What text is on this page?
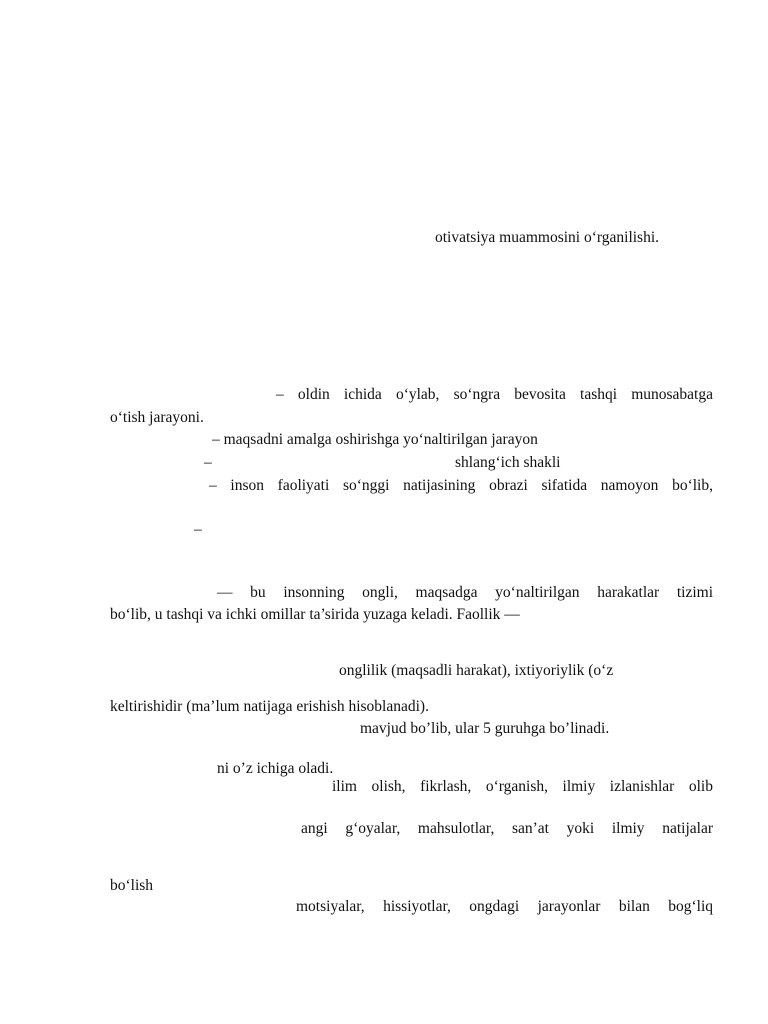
otivatsiya muammosini o‘rganilishi.
– oldin ichida o‘ylab, so‘ngra bevosita tashqi munosabatga
o‘tish jarayoni.
– maqsadni amalga oshirishga yo‘naltirilgan jarayon
–	shlang‘ich shakli
– inson faoliyati so‘nggi natijasining obrazi sifatida namoyon bo‘lib,
–
— bu insonning ongli, maqsadga yo‘naltirilgan harakatlar tizimi
bo‘lib, u tashqi va ichki omillar ta’sirida yuzaga keladi. Faollik —
onglilik (maqsadli harakat), ixtiyoriylik (o‘z
keltirishidir (ma’lum natijaga erishish hisoblanadi).
mavjud bo’lib, ular 5 guruhga bo’linadi.
ni o’z ichiga oladi.
ilim olish, fikrlash, o‘rganish, ilmiy izlanishlar olib
angi g‘oyalar, mahsulotlar, san’at yoki ilmiy natijalar
bo‘lish
motsiyalar, hissiyotlar, ongdagi jarayonlar bilan bog‘liq
